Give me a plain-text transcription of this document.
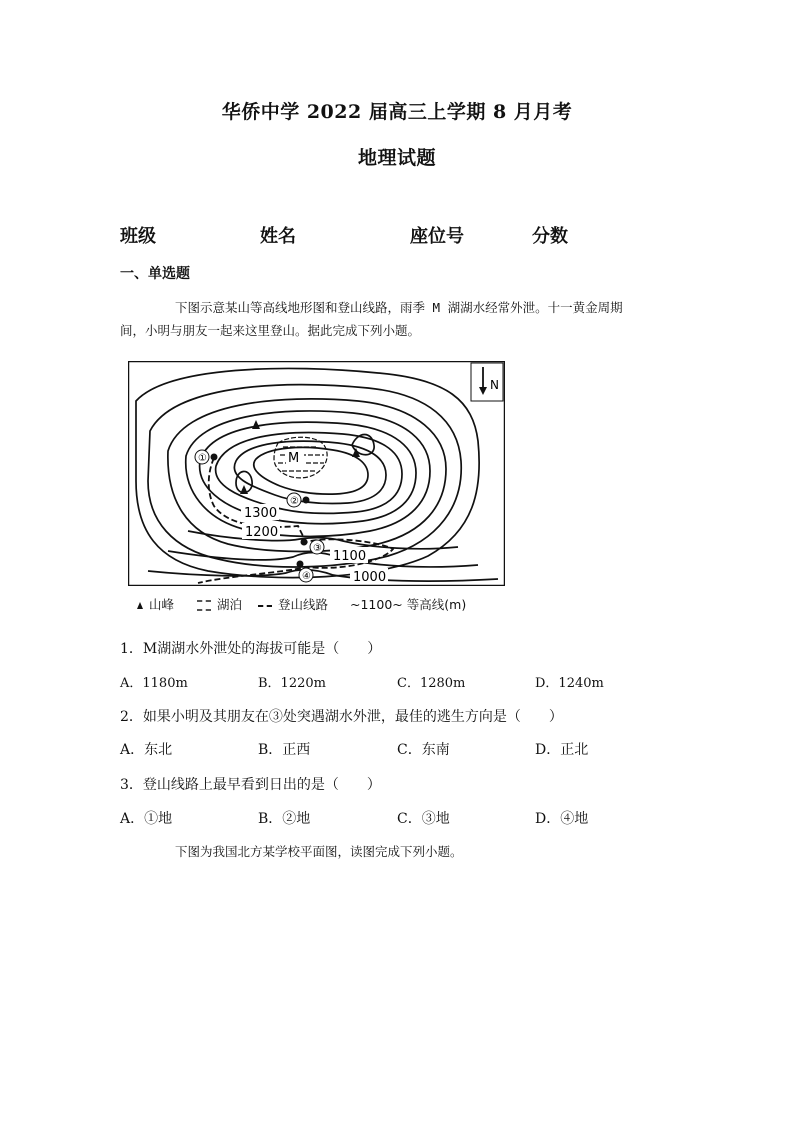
华侨中学 2022 届高三上学期 8 月月考
地理试题
班级	姓名	座位号	分数
一、单选题
下图示意某山等高线地形图和登山线路，雨季 M 湖湖水经常外泄。十一黄金周期
间，小明与朋友一起来这里登山。据此完成下列小题。
N
M
①
②
③
④
1300
1200
1100
1000
山峰	湖泊	登山线路 ~1100~ 等高线(m)
1．M湖湖水外泄处的海拔可能是（　　）
A．1180m	B．1220m	C．1280m	D．1240m
2．如果小明及其朋友在③处突遇湖水外泄，最佳的逃生方向是（　　）
A．东北	B．正西	C．东南	D．正北
3．登山线路上最早看到日出的是（　　）
A．①地	B．②地	C．③地	D．④地
下图为我国北方某学校平面图，读图完成下列小题。
